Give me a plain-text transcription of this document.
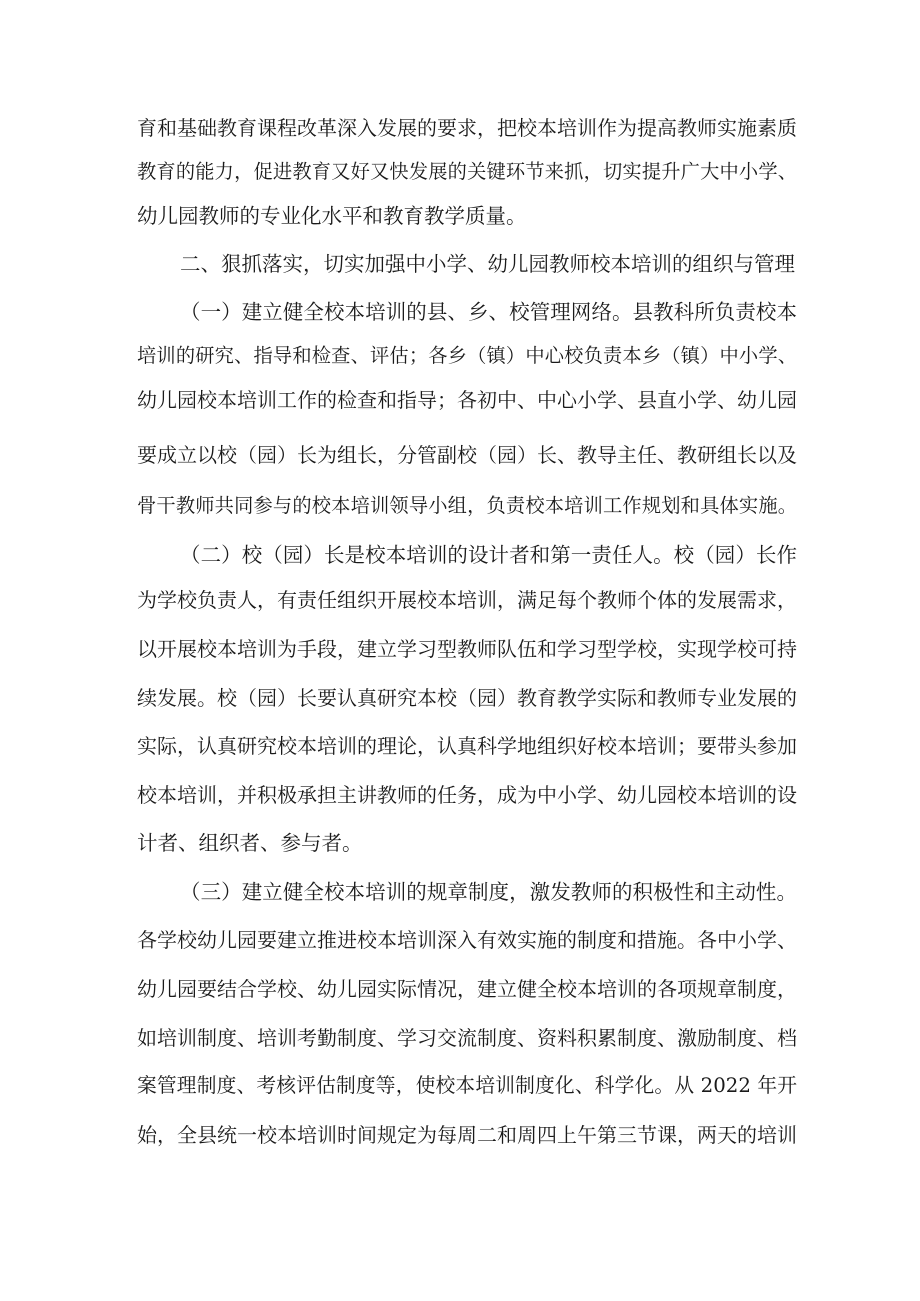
育和基础教育课程改革深入发展的要求，把校本培训作为提高教师实施素质

教育的能力，促进教育又好又快发展的关键环节来抓，切实提升广大中小学、

幼儿园教师的专业化水平和教育教学质量。

二、狠抓落实，切实加强中小学、幼儿园教师校本培训的组织与管理

（一）建立健全校本培训的县、乡、校管理网络。县教科所负责校本

培训的研究、指导和检查、评估；各乡（镇）中心校负责本乡（镇）中小学、

幼儿园校本培训工作的检查和指导；各初中、中心小学、县直小学、幼儿园

要成立以校（园）长为组长，分管副校（园）长、教导主任、教研组长以及

骨干教师共同参与的校本培训领导小组，负责校本培训工作规划和具体实施。

（二）校（园）长是校本培训的设计者和第一责任人。校（园）长作

为学校负责人，有责任组织开展校本培训，满足每个教师个体的发展需求，

以开展校本培训为手段，建立学习型教师队伍和学习型学校，实现学校可持

续发展。校（园）长要认真研究本校（园）教育教学实际和教师专业发展的

实际，认真研究校本培训的理论，认真科学地组织好校本培训；要带头参加

校本培训，并积极承担主讲教师的任务，成为中小学、幼儿园校本培训的设

计者、组织者、参与者。

（三）建立健全校本培训的规章制度，激发教师的积极性和主动性。

各学校幼儿园要建立推进校本培训深入有效实施的制度和措施。各中小学、

幼儿园要结合学校、幼儿园实际情况，建立健全校本培训的各项规章制度，

如培训制度、培训考勤制度、学习交流制度、资料积累制度、激励制度、档

案管理制度、考核评估制度等，使校本培训制度化、科学化。从 2022 年开

始，全县统一校本培训时间规定为每周二和周四上午第三节课，两天的培训
